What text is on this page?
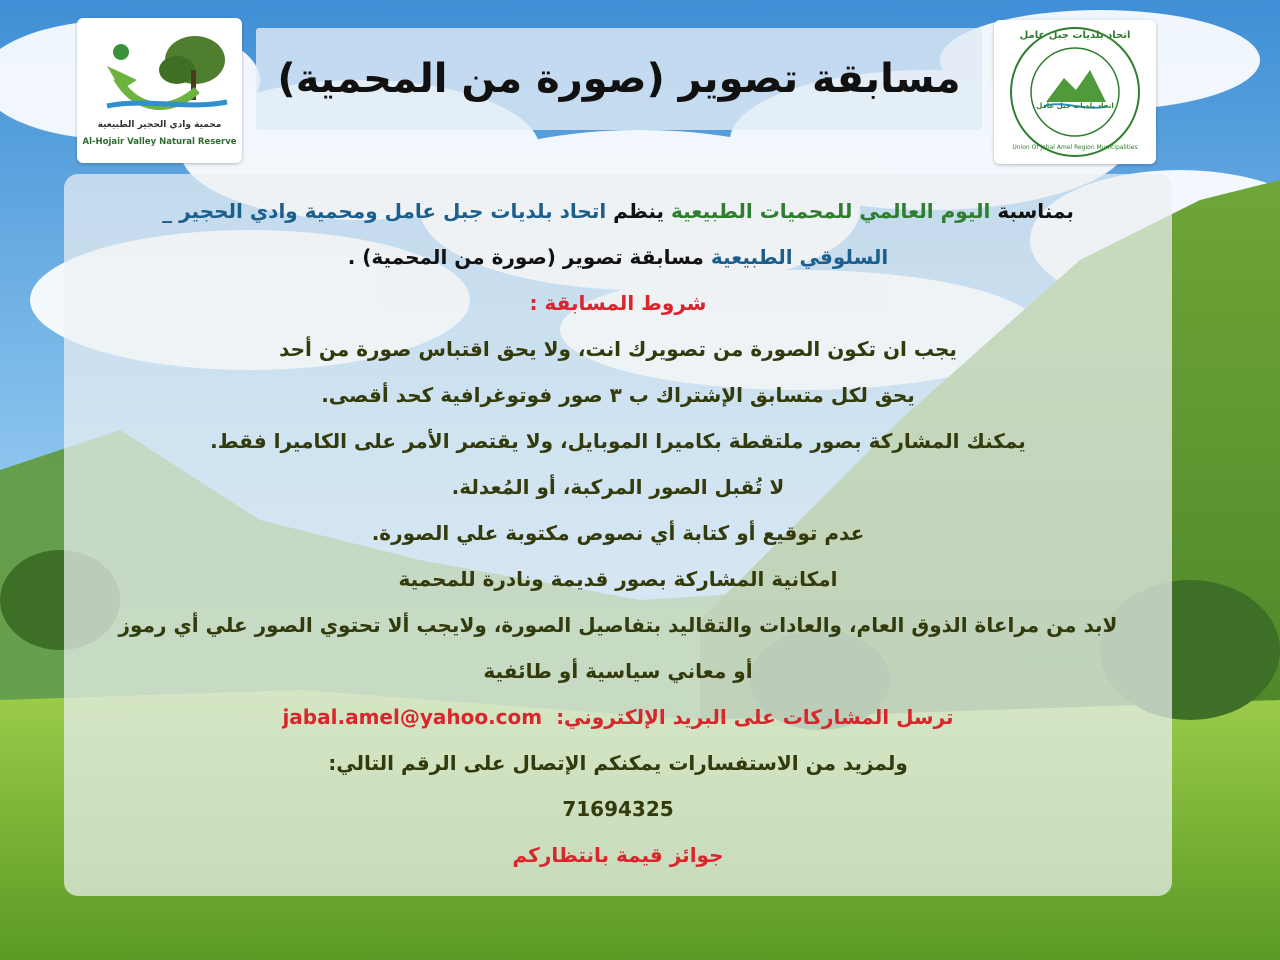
محمية وادي الحجير الطبيعية
Al-Hojair Valley Natural Reserve
مسابقة تصوير (صورة من المحمية)
اتحاد بلديات جبل عامل
اتحاد بلديات جبل عامل
Union Of Jabal Amel Region Municipalities
بمناسبة اليوم العالمي للمحميات الطبيعية ينظم اتحاد بلديات جبل عامل ومحمية وادي الحجير _
السلوقي الطبيعية مسابقة تصوير (صورة من المحمية) .
شروط المسابقة :
يجب ان تكون الصورة من تصويرك انت، ولا يحق اقتباس صورة من أحد
يحق لكل متسابق الإشتراك ب ٣ صور فوتوغرافية كحد أقصى.
يمكنك المشاركة بصور ملتقطة بكاميرا الموبايل، ولا يقتصر الأمر على الكاميرا فقط.
لا تُقبل الصور المركبة، أو المُعدلة.
عدم توقيع أو كتابة أي نصوص مكتوبة علي الصورة.
امكانية المشاركة بصور قديمة ونادرة للمحمية
لابد من مراعاة الذوق العام، والعادات والتقاليد بتفاصيل الصورة، ولايجب ألا تحتوي الصور علي أي رموز
أو معاني سياسية أو طائفية
ترسل المشاركات على البريد الإلكتروني:  jabal.amel@yahoo.com
ولمزيد من الاستفسارات يمكنكم الإتصال على الرقم التالي:
71694325
جوائز قيمة بانتظاركم
